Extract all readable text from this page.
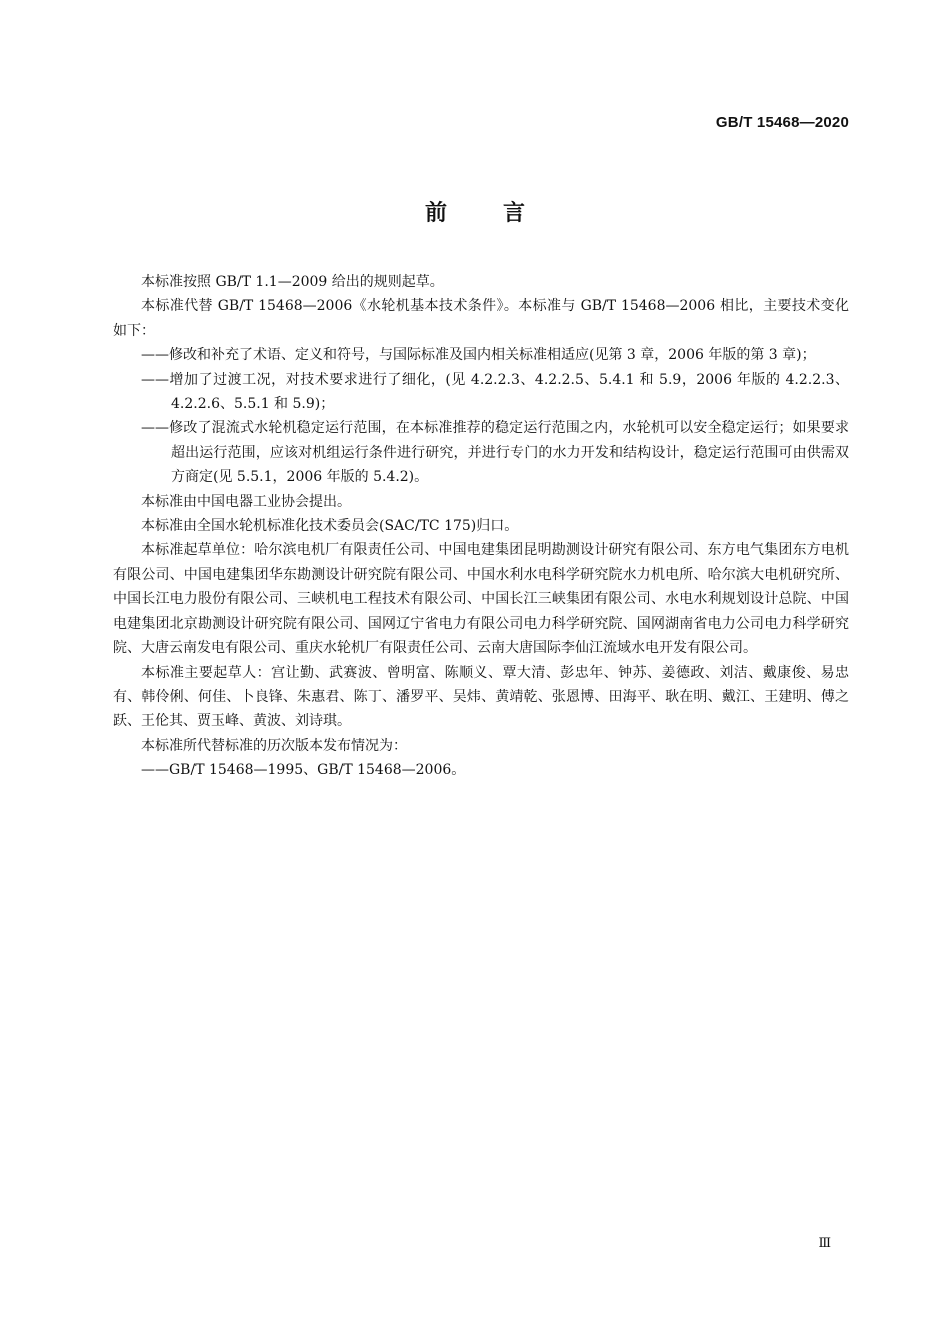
GB/T 15468—2020
前言

本标准按照 GB/T 1.1—2009 给出的规则起草。

本标准代替 GB/T 15468—2006《水轮机基本技术条件》。本标准与 GB/T 15468—2006 相比，主要技术变化如下：

——修改和补充了术语、定义和符号，与国际标准及国内相关标准相适应(见第 3 章，2006 年版的第 3 章)；

——增加了过渡工况，对技术要求进行了细化，(见 4.2.2.3、4.2.2.5、5.4.1 和 5.9，2006 年版的 4.2.2.3、4.2.2.6、5.5.1 和 5.9)；

——修改了混流式水轮机稳定运行范围，在本标准推荐的稳定运行范围之内，水轮机可以安全稳定运行；如果要求超出运行范围，应该对机组运行条件进行研究，并进行专门的水力开发和结构设计，稳定运行范围可由供需双方商定(见 5.5.1，2006 年版的 5.4.2)。

本标准由中国电器工业协会提出。

本标准由全国水轮机标准化技术委员会(SAC/TC 175)归口。

本标准起草单位：哈尔滨电机厂有限责任公司、中国电建集团昆明勘测设计研究有限公司、东方电气集团东方电机有限公司、中国电建集团华东勘测设计研究院有限公司、中国水利水电科学研究院水力机电所、哈尔滨大电机研究所、中国长江电力股份有限公司、三峡机电工程技术有限公司、中国长江三峡集团有限公司、水电水利规划设计总院、中国电建集团北京勘测设计研究院有限公司、国网辽宁省电力有限公司电力科学研究院、国网湖南省电力公司电力科学研究院、大唐云南发电有限公司、重庆水轮机厂有限责任公司、云南大唐国际李仙江流域水电开发有限公司。

本标准主要起草人：宫让勤、武赛波、曾明富、陈顺义、覃大清、彭忠年、钟苏、姜德政、刘洁、戴康俊、易忠有、韩伶俐、何佳、卜良锋、朱惠君、陈丁、潘罗平、吴炜、黄靖乾、张恩博、田海平、耿在明、戴江、王建明、傅之跃、王伦其、贾玉峰、黄波、刘诗琪。

本标准所代替标准的历次版本发布情况为：

——GB/T 15468—1995、GB/T 15468—2006。

Ⅲ
